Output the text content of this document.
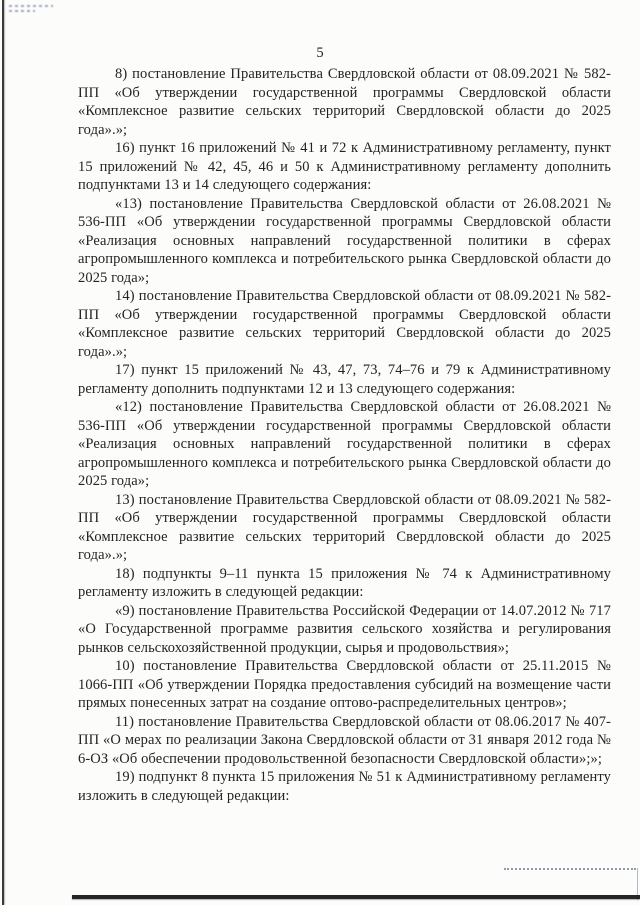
5

8) постановление Правительства Свердловской области от 08.09.2021 № 582-ПП «Об утверждении государственной программы Свердловской области «Комплексное развитие сельских территорий Свердловской области до 2025 года».»;

16) пункт 16 приложений № 41 и 72 к Административному регламенту, пункт 15 приложений № 42, 45, 46 и 50 к Административному регламенту дополнить подпунктами 13 и 14 следующего содержания:

«13) постановление Правительства Свердловской области от 26.08.2021 № 536-ПП «Об утверждении государственной программы Свердловской области «Реализация основных направлений государственной политики в сферах агропромышленного комплекса и потребительского рынка Свердловской области до 2025 года»;

14) постановление Правительства Свердловской области от 08.09.2021 № 582-ПП «Об утверждении государственной программы Свердловской области «Комплексное развитие сельских территорий Свердловской области до 2025 года».»;

17) пункт 15 приложений № 43, 47, 73, 74–76 и 79 к Административному регламенту дополнить подпунктами 12 и 13 следующего содержания:

«12) постановление Правительства Свердловской области от 26.08.2021 № 536-ПП «Об утверждении государственной программы Свердловской области «Реализация основных направлений государственной политики в сферах агропромышленного комплекса и потребительского рынка Свердловской области до 2025 года»;

13) постановление Правительства Свердловской области от 08.09.2021 № 582-ПП «Об утверждении государственной программы Свердловской области «Комплексное развитие сельских территорий Свердловской области до 2025 года».»;

18) подпункты 9–11 пункта 15 приложения № 74 к Административному регламенту изложить в следующей редакции:

«9) постановление Правительства Российской Федерации от 14.07.2012 № 717 «О Государственной программе развития сельского хозяйства и регулирования рынков сельскохозяйственной продукции, сырья и продовольствия»;

10) постановление Правительства Свердловской области от 25.11.2015 № 1066-ПП «Об утверждении Порядка предоставления субсидий на возмещение части прямых понесенных затрат на создание оптово-распределительных центров»;

11) постановление Правительства Свердловской области от 08.06.2017 № 407-ПП «О мерах по реализации Закона Свердловской области от 31 января 2012 года № 6-ОЗ «Об обеспечении продовольственной безопасности Свердловской области»;»;

19) подпункт 8 пункта 15 приложения № 51 к Административному регламенту изложить в следующей редакции:
